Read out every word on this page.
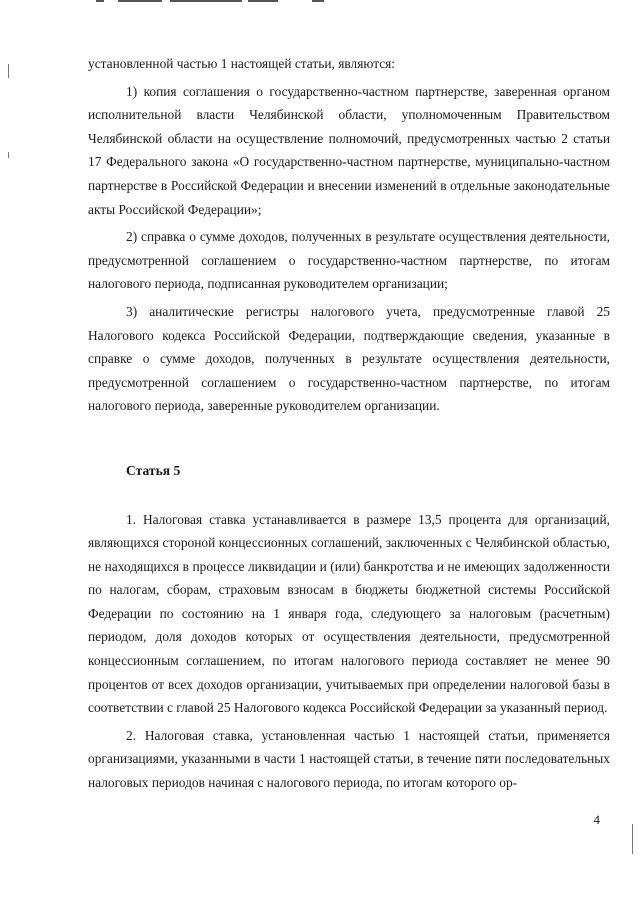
установленной частью 1 настоящей статьи, являются:

1) копия соглашения о государственно-частном партнерстве, заверенная органом исполнительной власти Челябинской области, уполномоченным Правительством Челябинской области на осуществление полномочий, предусмотренных частью 2 статьи 17 Федерального закона «О государственно-частном партнерстве, муниципально-частном партнерстве в Российской Федерации и внесении изменений в отдельные законодательные акты Российской Федерации»;

2) справка о сумме доходов, полученных в результате осуществления деятельности, предусмотренной соглашением о государственно-частном партнерстве, по итогам налогового периода, подписанная руководителем организации;

3) аналитические регистры налогового учета, предусмотренные главой 25 Налогового кодекса Российской Федерации, подтверждающие сведения, указанные в справке о сумме доходов, полученных в результате осуществления деятельности, предусмотренной соглашением о государственно-частном партнерстве, по итогам налогового периода, заверенные руководителем организации.

Статья 5

1. Налоговая ставка устанавливается в размере 13,5 процента для организаций, являющихся стороной концессионных соглашений, заключенных с Челябинской областью, не находящихся в процессе ликвидации и (или) банкротства и не имеющих задолженности по налогам, сборам, страховым взносам в бюджеты бюджетной системы Российской Федерации по состоянию на 1 января года, следующего за налоговым (расчетным) периодом, доля доходов которых от осуществления деятельности, предусмотренной концессионным соглашением, по итогам налогового периода составляет не менее 90 процентов от всех доходов организации, учитываемых при определении налоговой базы в соответствии с главой 25 Налогового кодекса Российской Федерации за указанный период.

2. Налоговая ставка, установленная частью 1 настоящей статьи, применяется организациями, указанными в части 1 настоящей статьи, в течение пяти последовательных налоговых периодов начиная с налогового периода, по итогам которого ор-

4
